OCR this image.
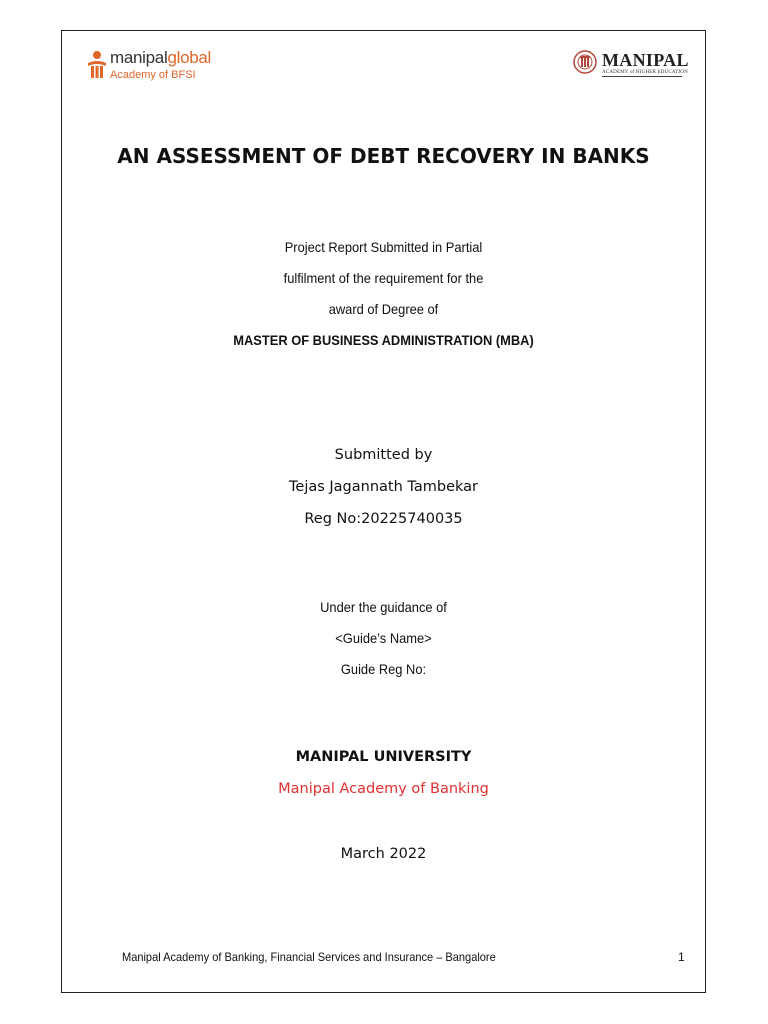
manipalglobal
Academy of BFSI
MANIPAL
ACADEMY of HIGHER EDUCATION
AN ASSESSMENT OF DEBT RECOVERY IN BANKS
Project Report Submitted in Partial
fulfilment of the requirement for the
award of Degree of
MASTER OF BUSINESS ADMINISTRATION (MBA)
Submitted by
Tejas Jagannath Tambekar
Reg No:20225740035
Under the guidance of
<Guide’s Name>
Guide Reg No:
MANIPAL UNIVERSITY
Manipal Academy of Banking
March 2022
Manipal Academy of Banking, Financial Services and Insurance – Bangalore	1
